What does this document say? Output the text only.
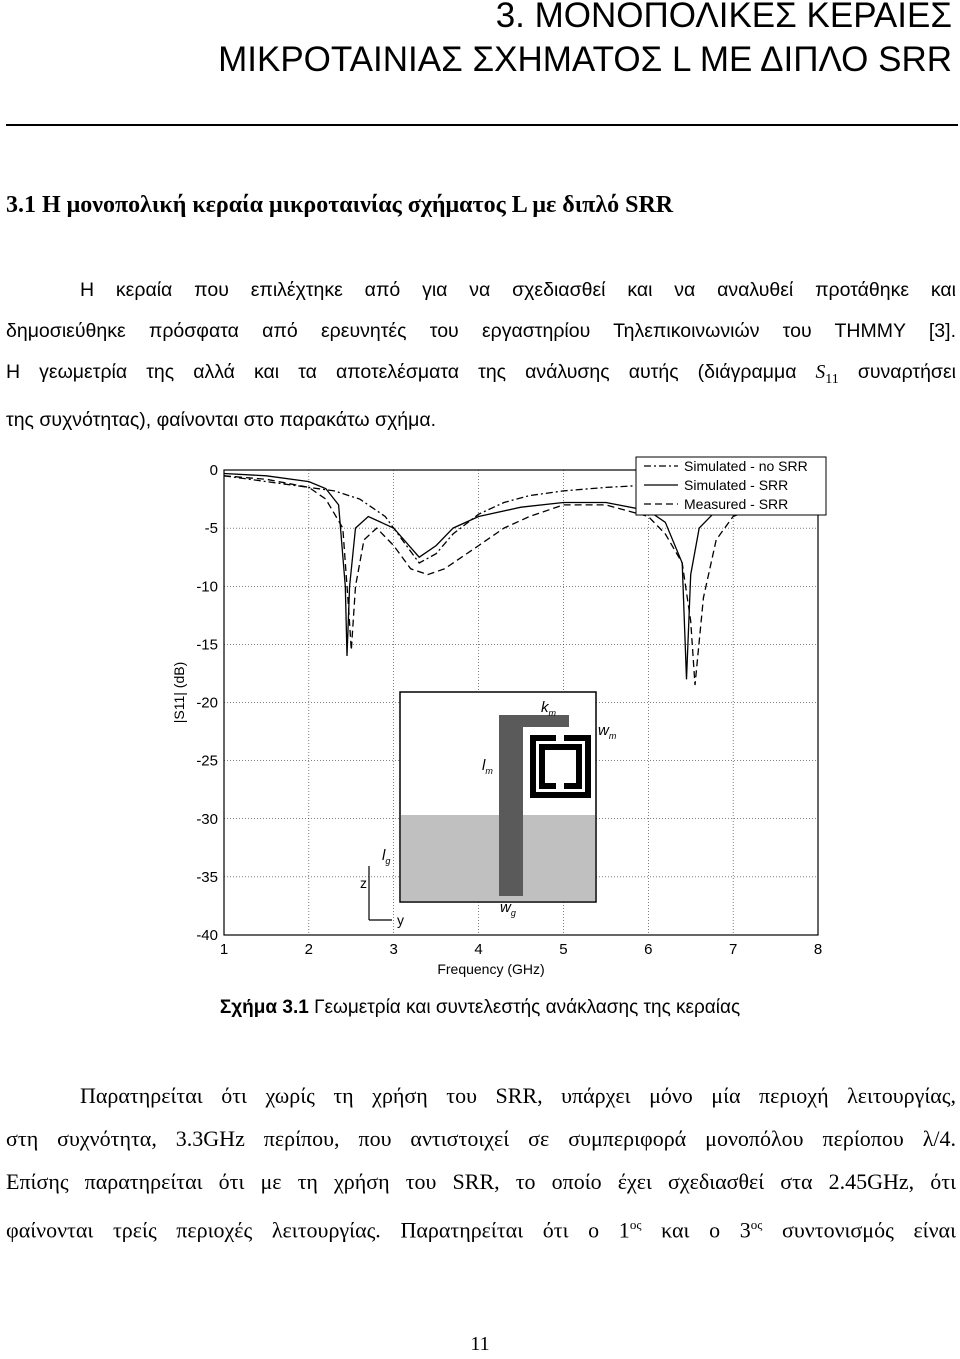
3. ΜΟΝΟΠΟΛΙΚΕΣ ΚΕΡΑΙΕΣ
ΜΙΚΡΟΤΑΙΝΙΑΣ ΣΧΗΜΑΤΟΣ L ΜΕ ΔΙΠΛΟ SRR
3.1 Η μονοπολική κεραία μικροταινίας σχήματος L με διπλό SRR
Η κεραία που επιλέχτηκε από για να σχεδιασθεί και να αναλυθεί προτάθηκε και
δημοσιεύθηκε πρόσφατα από ερευνητές του εργαστηρίου Τηλεπικοινωνιών του ΤΗΜΜΥ [3].
Η γεωμετρία της αλλά και τα αποτελέσματα της ανάλυσης αυτής (διάγραμμα $S_{11}$ συναρτήσει
της συχνότητας), φαίνονται στο παρακάτω σχήμα.
1	2	3	4	5	6	7	8
0
-5
-10
-15
-20
-25
-30
-35
-40
Simulated - no SRR
Simulated - SRR
Measured - SRR
Frequency (GHz)
|S11| (dB)	$k_m$
$w_m$
$l_m$
$l_g$
$w_g$
z
y

Σχήμα 3.1 Γεωμετρία και συντελεστής ανάκλασης της κεραίας

Παρατηρείται ότι χωρίς τη χρήση του SRR, υπάρχει μόνο μία περιοχή λειτουργίας,
στη συχνότητα, 3.3GHz περίπου, που αντιστοιχεί σε συμπεριφορά μονοπόλου περίοπου λ/4.
Επίσης παρατηρείται ότι με τη χρήση του SRR, το οποίο έχει σχεδιασθεί στα 2.45GHz, ότι
φαίνονται τρείς περιοχές λειτουργίας. Παρατηρείται ότι ο $1^{o\varsigma}$ και ο $3^{o\varsigma}$ συντονισμός είναι
11
